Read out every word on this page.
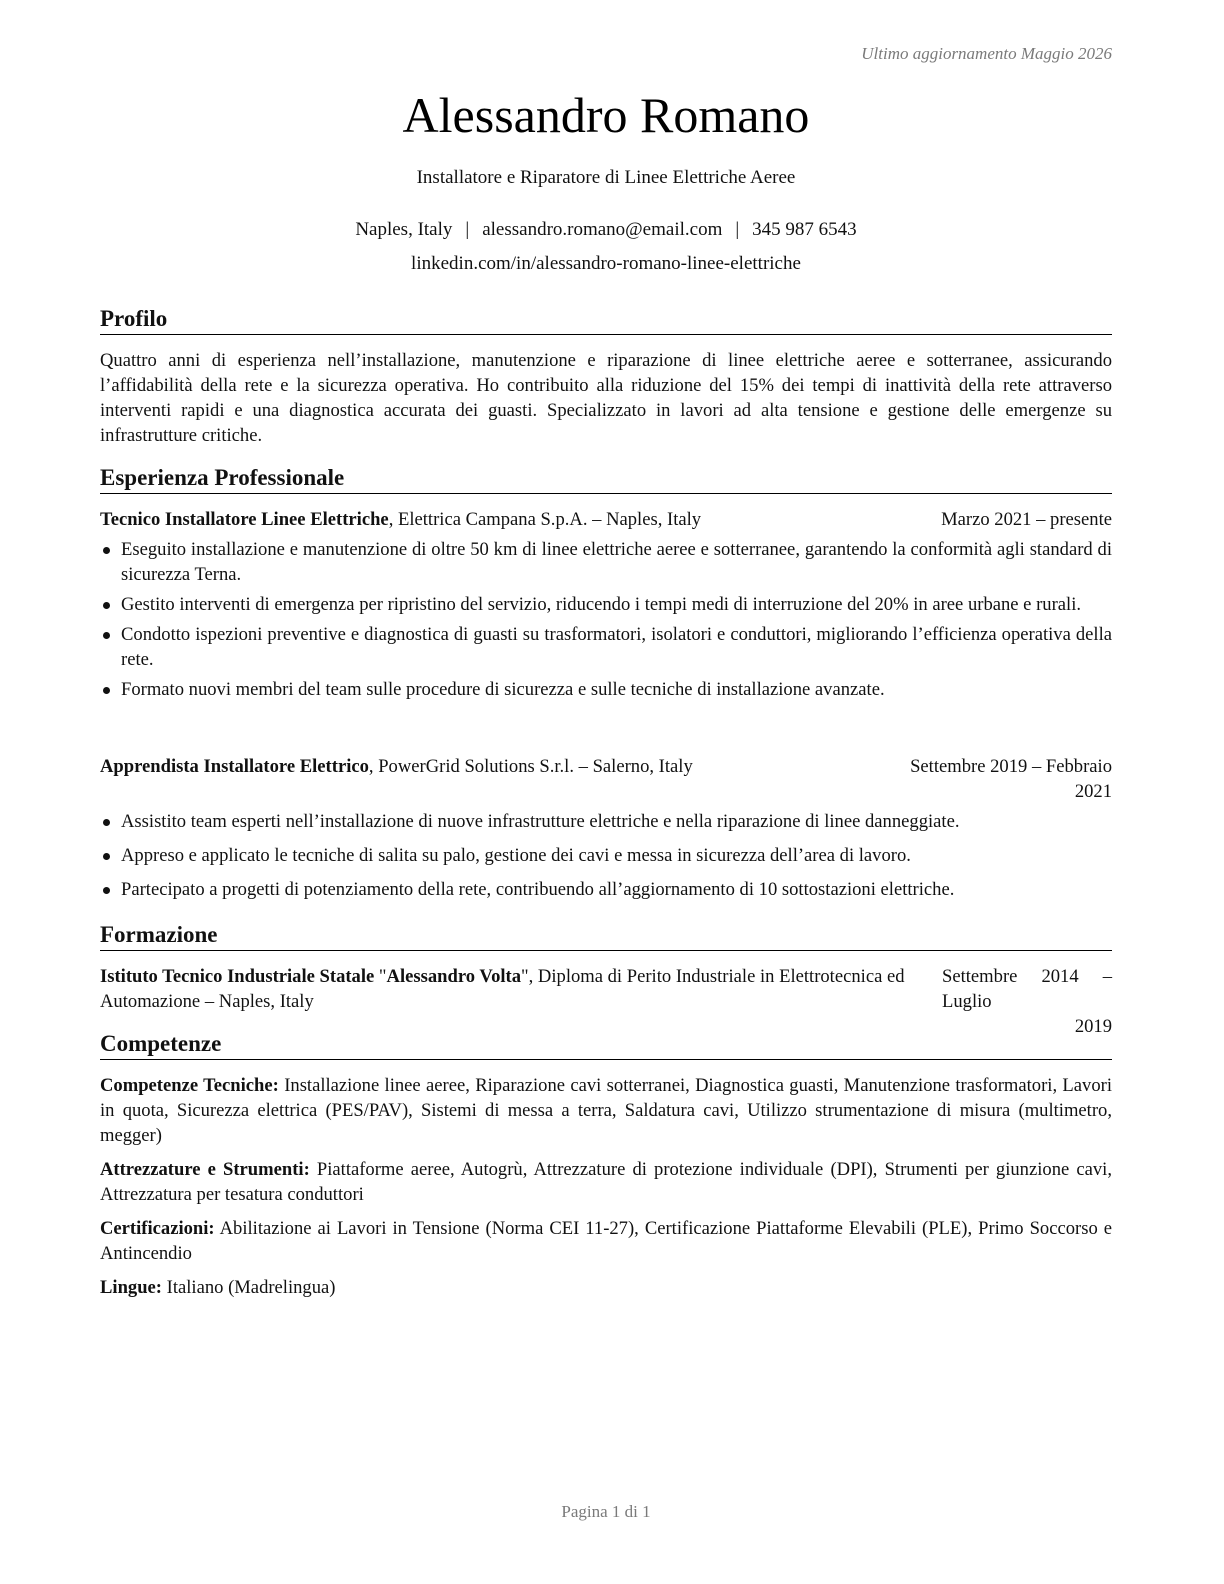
Ultimo aggiornamento Maggio 2026
Alessandro Romano
Installatore e Riparatore di Linee Elettriche Aeree
Naples, Italy | alessandro.romano@email.com | 345 987 6543
linkedin.com/in/alessandro-romano-linee-elettriche
Profilo
Quattro anni di esperienza nell’installazione, manutenzione e riparazione di linee elettriche aeree e sotterranee, assicurando l’affidabilità della rete e la sicurezza operativa. Ho contribuito alla riduzione del 15% dei tempi di inattività della rete attraverso interventi rapidi e una diagnostica accurata dei guasti. Specializzato in lavori ad alta tensione e gestione delle emergenze su infrastrutture critiche.
Esperienza Professionale
Tecnico Installatore Linee Elettriche, Elettrica Campana S.p.A. – Naples, Italy	Marzo 2021 – presente
Eseguito installazione e manutenzione di oltre 50 km di linee elettriche aeree e sotterranee, garantendo la conformità agli standard di sicurezza Terna.
Gestito interventi di emergenza per ripristino del servizio, riducendo i tempi medi di interruzione del 20% in aree urbane e rurali.
Condotto ispezioni preventive e diagnostica di guasti su trasformatori, isolatori e conduttori, migliorando l’efficienza operativa della rete.
Formato nuovi membri del team sulle procedure di sicurezza e sulle tecniche di installazione avanzate.
Apprendista Installatore Elettrico, PowerGrid Solutions S.r.l. – Salerno, Italy	Settembre 2019 – Febbraio 2021
Assistito team esperti nell’installazione di nuove infrastrutture elettriche e nella riparazione di linee danneggiate.
Appreso e applicato le tecniche di salita su palo, gestione dei cavi e messa in sicurezza dell’area di lavoro.
Partecipato a progetti di potenziamento della rete, contribuendo all’aggiornamento di 10 sottostazioni elettriche.
Formazione
Settembre 2014 – Luglio
2019
Istituto Tecnico Industriale Statale "Alessandro Volta", Diploma di Perito Industriale in Elettrotecnica ed Automazione – Naples, Italy
Competenze
Competenze Tecniche: Installazione linee aeree, Riparazione cavi sotterranei, Diagnostica guasti, Manutenzione trasformatori, Lavori in quota, Sicurezza elettrica (PES/PAV), Sistemi di messa a terra, Saldatura cavi, Utilizzo strumentazione di misura (multimetro, megger)
Attrezzature e Strumenti: Piattaforme aeree, Autogrù, Attrezzature di protezione individuale (DPI), Strumenti per giunzione cavi, Attrezzatura per tesatura conduttori
Certificazioni: Abilitazione ai Lavori in Tensione (Norma CEI 11-27), Certificazione Piattaforme Elevabili (PLE), Primo Soccorso e Antincendio
Lingue: Italiano (Madrelingua)
Pagina 1 di 1
